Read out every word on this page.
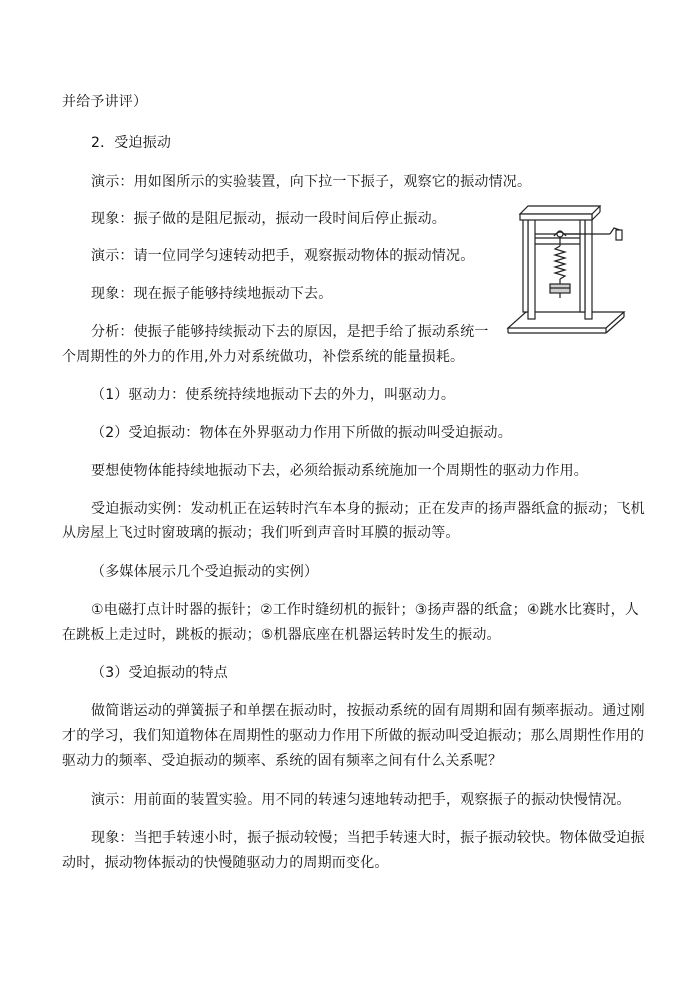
并给予讲评）
2．受迫振动
演示：用如图所示的实验装置，向下拉一下振子，观察它的振动情况。
现象：振子做的是阻尼振动，振动一段时间后停止振动。
演示：请一位同学匀速转动把手，观察振动物体的振动情况。
现象：现在振子能够持续地振动下去。
分析：使振子能够持续振动下去的原因，是把手给了振动系统一
个周期性的外力的作用,外力对系统做功，补偿系统的能量损耗。
（1）驱动力：使系统持续地振动下去的外力，叫驱动力。
（2）受迫振动：物体在外界驱动力作用下所做的振动叫受迫振动。
要想使物体能持续地振动下去，必须给振动系统施加一个周期性的驱动力作用。
受迫振动实例：发动机正在运转时汽车本身的振动；正在发声的扬声器纸盒的振动；飞机
从房屋上飞过时窗玻璃的振动；我们听到声音时耳膜的振动等。
（多媒体展示几个受迫振动的实例）
①电磁打点计时器的振针；②工作时缝纫机的振针；③扬声器的纸盒；④跳水比赛时，人
在跳板上走过时，跳板的振动；⑤机器底座在机器运转时发生的振动。
（3）受迫振动的特点
做简谐运动的弹簧振子和单摆在振动时，按振动系统的固有周期和固有频率振动。通过刚
才的学习，我们知道物体在周期性的驱动力作用下所做的振动叫受迫振动；那么周期性作用的
驱动力的频率、受迫振动的频率、系统的固有频率之间有什么关系呢？
演示：用前面的装置实验。用不同的转速匀速地转动把手，观察振子的振动快慢情况。
现象：当把手转速小时，振子振动较慢；当把手转速大时，振子振动较快。物体做受迫振
动时，振动物体振动的快慢随驱动力的周期而变化。
